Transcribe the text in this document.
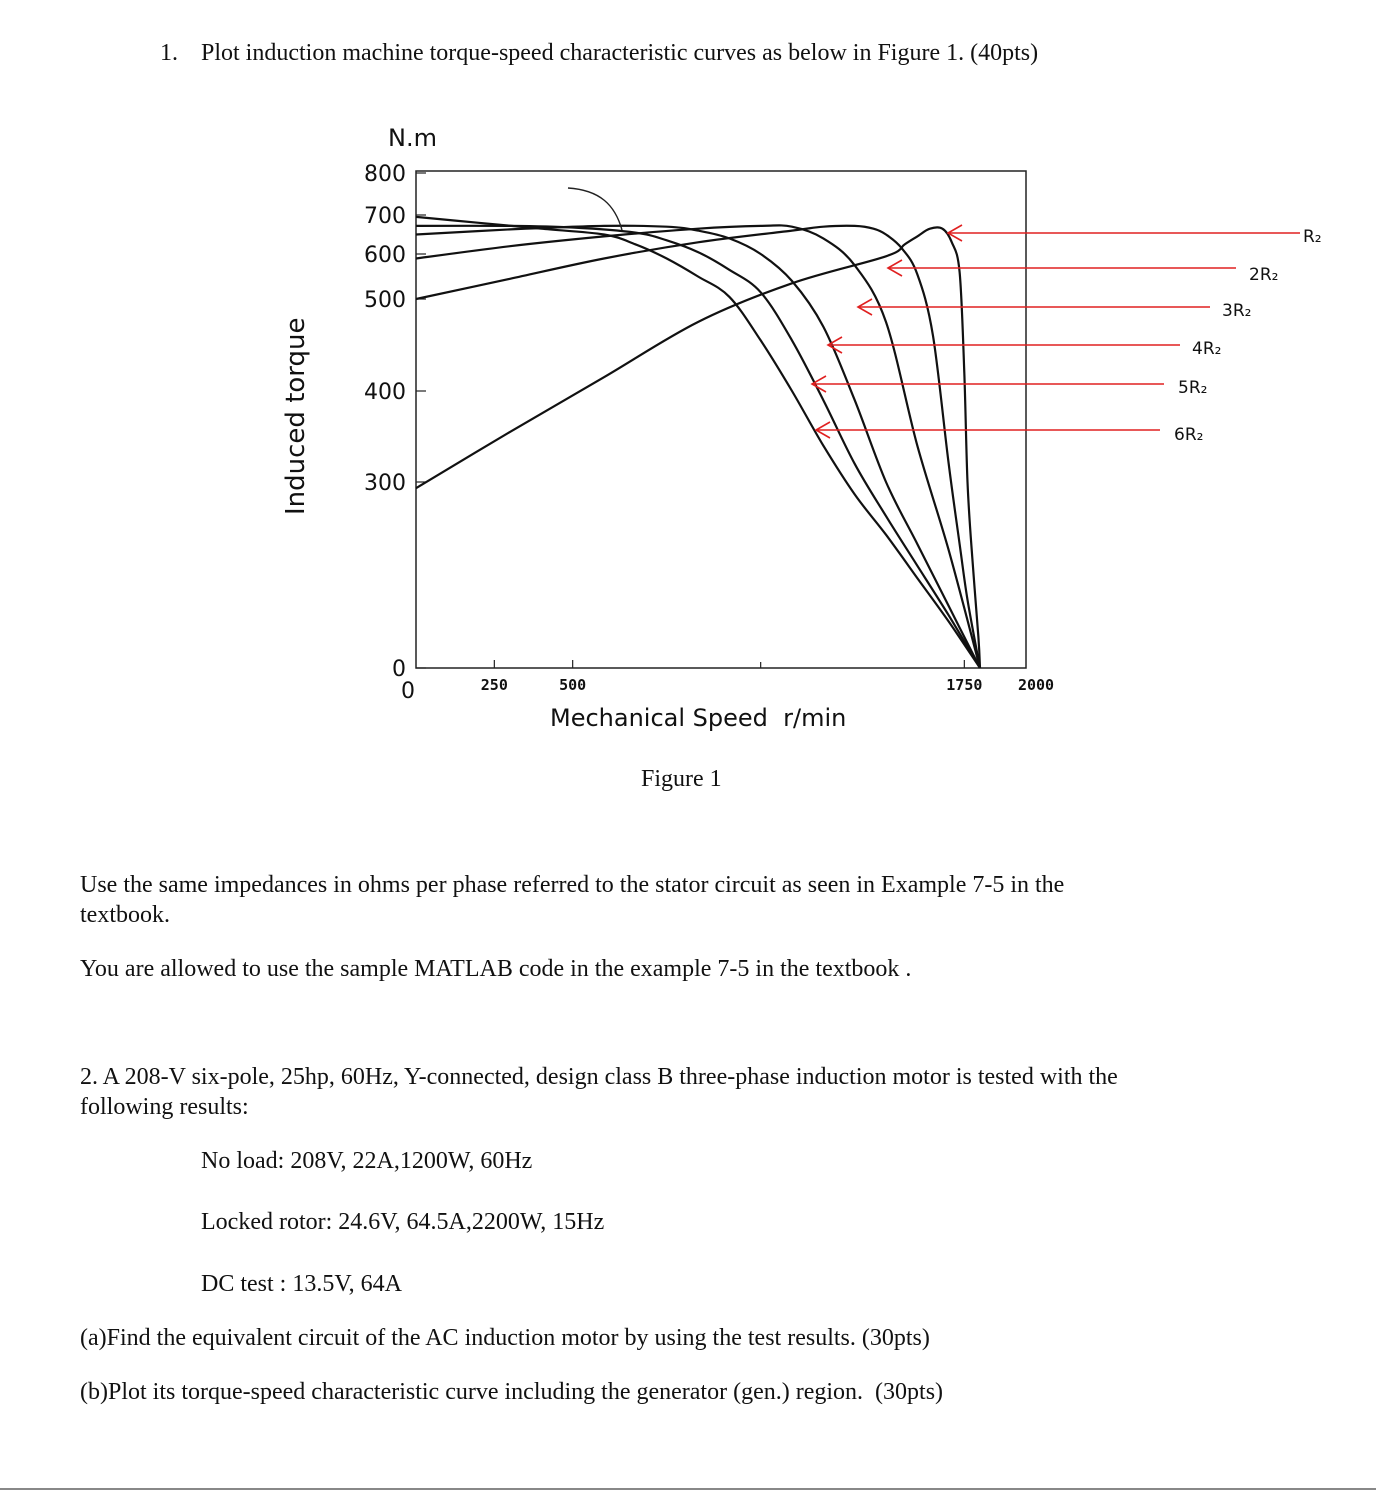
1. Plot induction machine torque-speed characteristic curves as below in Figure 1. (40pts)
N.m
800
700
600
500
400
300
0
0	250	500	1750 2000
Mechanical Speed  r/min
Induced torque
R₂
2R₂
3R₂
4R₂
5R₂
6R₂
Figure 1
Use the same impedances in ohms per phase referred to the stator circuit as seen in Example 7-5 in the
textbook.
You are allowed to use the sample MATLAB code in the example 7-5 in the textbook .
2. A 208-V six-pole, 25hp, 60Hz, Y-connected, design class B three-phase induction motor is tested with the
following results:
No load: 208V, 22A,1200W, 60Hz
Locked rotor: 24.6V, 64.5A,2200W, 15Hz
DC test : 13.5V, 64A
(a)Find the equivalent circuit of the AC induction motor by using the test results. (30pts)
(b)Plot its torque-speed characteristic curve including the generator (gen.) region.  (30pts)
